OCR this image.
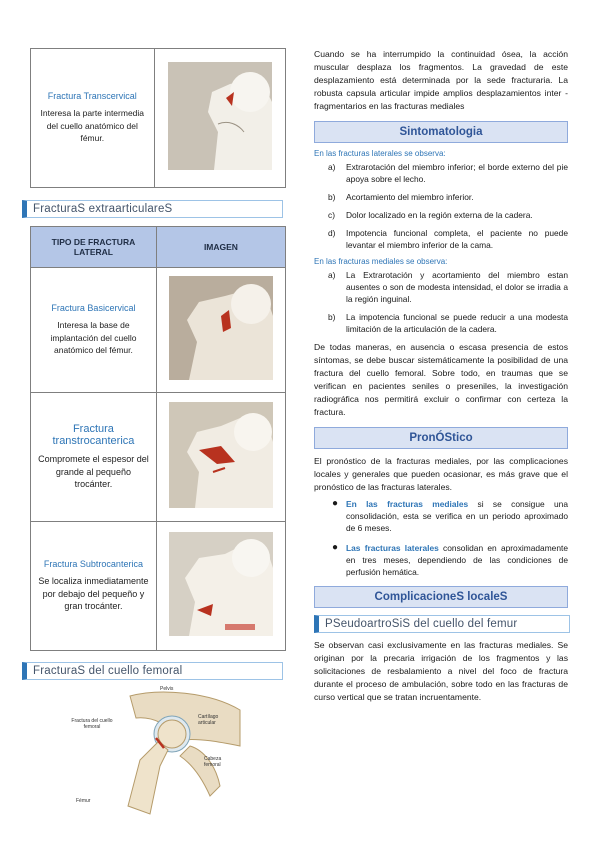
Fractura Transcervical
Interesa la parte intermedia del cuello anatómico del fémur.

FracturaS extraarticulareS
TIPO DE FRACTURA LATERAL	IMAGEN

Fractura Basicervical
Interesa la base de implantación del cuello anatómico del fémur.

Fractura transtrocanterica
Compromete el espesor del grande al pequeño trocánter.

Fractura Subtrocanterica
Se localiza inmediatamente por debajo del pequeño y gran trocánter.

FracturaS del cuello femoral
Pelvis
Fractura del cuello femoral
Cartílago articular
Cabeza femoral
Fémur
Cuando se ha interrumpido la continuidad ósea, la acción muscular desplaza los fragmentos. La gravedad de este desplazamiento está determinada por la sede fracturaria. La robusta capsula articular impide amplios desplazamientos inter - fragmentarios en las fracturas mediales
Sintomatologia
En las fracturas laterales se observa:
a)	Extrarotación del miembro inferior; el borde externo del pie apoya sobre el lecho.
b)	Acortamiento del miembro inferior.
c)	Dolor localizado en la región externa de la cadera.
d)	Impotencia funcional completa, el paciente no puede levantar el miembro inferior de la cama.
En las fracturas mediales se observa:
a)	La Extrarotación y acortamiento del miembro estan ausentes o son de modesta intensidad, el dolor se irradia a la región inguinal.
b)	La impotencia funcional se puede reducir a una modesta limitación de la articulación de la cadera.
De todas maneras, en ausencia o escasa presencia de estos síntomas, se debe buscar sistemáticamente la posibilidad de una fractura del cuello femoral. Sobre todo, en traumas que se verifican en pacientes seniles o preseniles, la investigación radiográfica nos permitirá excluir o confirmar con certeza la fractura.
PronÓStico
El pronóstico de la fracturas mediales, por las complicaciones locales y generales que pueden ocasionar, es más grave que el pronóstico de las fracturas laterales.
● En las fracturas mediales si se consigue una consolidación, esta se verifica en un periodo aproximado de 6 meses.
● Las fracturas laterales consolidan en aproximadamente en tres meses, dependiendo de las condiciones de perfusión hemática.
ComplicacioneS localeS
PSeudoartroSiS del cuello del femur
Se observan casi exclusivamente en las fracturas mediales. Se originan por la precaria irrigación de los fragmentos y las solicitaciones de resbalamiento a nivel del foco de fractura durante el proceso de ambulación, sobre todo en las fracturas de curso vertical que se tratan incruentamente.
